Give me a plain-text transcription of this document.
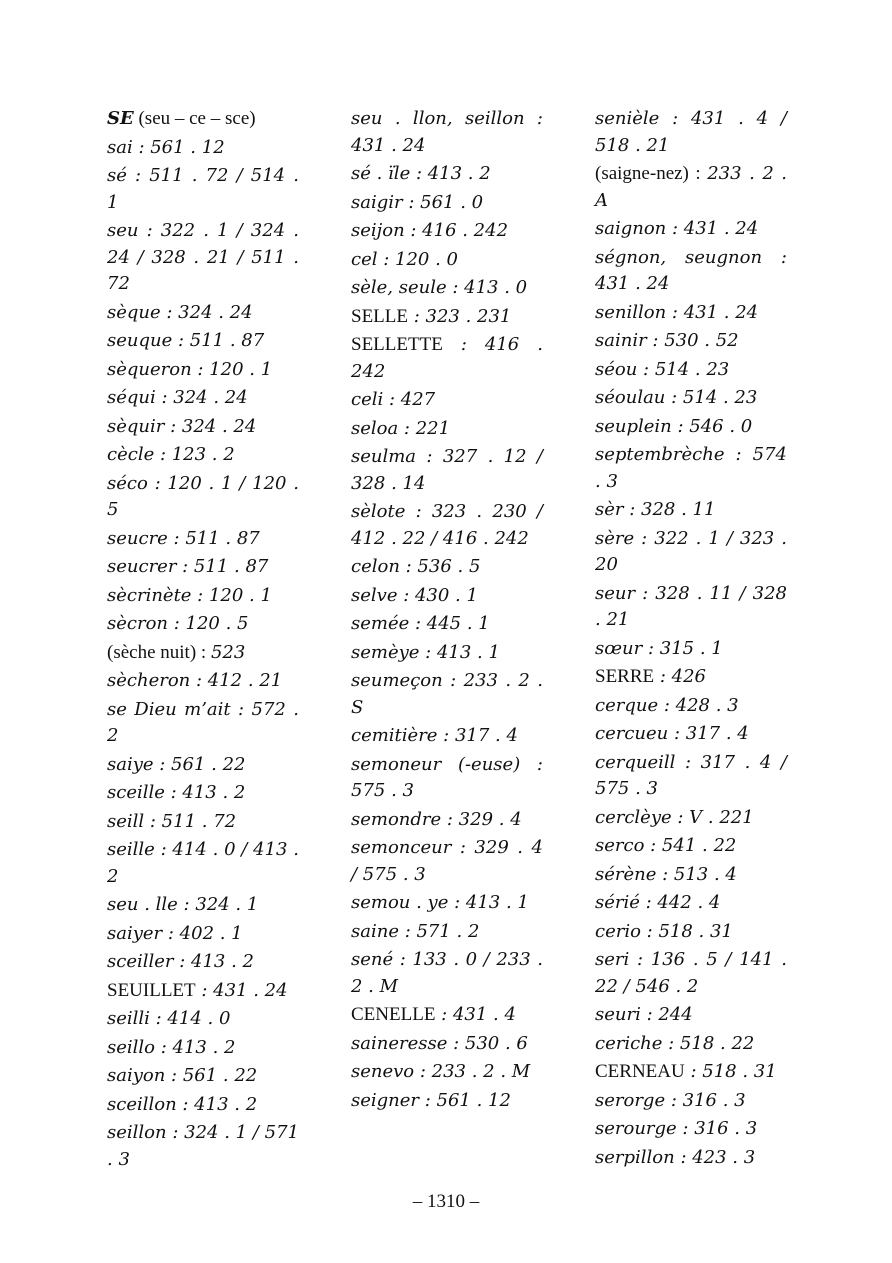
SE (seu – ce – sce)
sai : 561 . 12
sé : 511 . 72 / 514 . 1
seu : 322 . 1 / 324 . 24 / 328 . 21 / 511 . 72
sèque : 324 . 24
seuque : 511 . 87
sèqueron : 120 . 1
séqui : 324 . 24
sèquir : 324 . 24
cècle : 123 . 2
séco : 120 . 1 / 120 . 5
seucre : 511 . 87
seucrer : 511 . 87
sècrinète : 120 . 1
sècron : 120 . 5
(sèche nuit) : 523
sècheron : 412 . 21
se Dieu m’ait : 572 . 2
saiye : 561 . 22
sceille : 413 . 2
seill : 511 . 72
seille : 414 . 0 / 413 . 2
seu . lle : 324 . 1
saiyer : 402 . 1
sceiller : 413 . 2
SEUILLET : 431 . 24
seilli : 414 . 0
seillo : 413 . 2
saiyon : 561 . 22
sceillon : 413 . 2
seillon : 324 . 1 / 571 . 3
seu . llon, seillon : 431 . 24
sé . ïle : 413 . 2
saigir : 561 . 0
seijon : 416 . 242
cel : 120 . 0
sèle, seule : 413 . 0
SELLE : 323 . 231
SELLETTE : 416 . 242
celi : 427
seloa : 221
seulma : 327 . 12 / 328 . 14
sèlote : 323 . 230 / 412 . 22 / 416 . 242
celon : 536 . 5
selve : 430 . 1
semée : 445 . 1
semèye : 413 . 1
seumeçon : 233 . 2 . S
cemitière : 317 . 4
semoneur (-euse) : 575 . 3
semondre : 329 . 4
semonceur : 329 . 4 / 575 . 3
semou . ye : 413 . 1
saine : 571 . 2
sené : 133 . 0 / 233 . 2 . M
CENELLE : 431 . 4
saineresse : 530 . 6
senevo : 233 . 2 . M
seigner : 561 . 12
senièle : 431 . 4 / 518 . 21
(saigne-nez) : 233 . 2 . A
saignon : 431 . 24
ségnon, seugnon : 431 . 24
senillon : 431 . 24
sainir : 530 . 52
séou : 514 . 23
séoulau : 514 . 23
seuplein : 546 . 0
septembrèche : 574 . 3
sèr : 328 . 11
sère : 322 . 1 / 323 . 20
seur : 328 . 11 / 328 . 21
sœur : 315 . 1
SERRE : 426
cerque : 428 . 3
cercueu : 317 . 4
cerqueill : 317 . 4 / 575 . 3
cerclèye : V . 221
serco : 541 . 22
sérène : 513 . 4
sérié : 442 . 4
cerio : 518 . 31
seri : 136 . 5 / 141 . 22 / 546 . 2
seuri : 244
ceriche : 518 . 22
CERNEAU : 518 . 31
serorge : 316 . 3
serourge : 316 . 3
serpillon : 423 . 3
– 1310 –
